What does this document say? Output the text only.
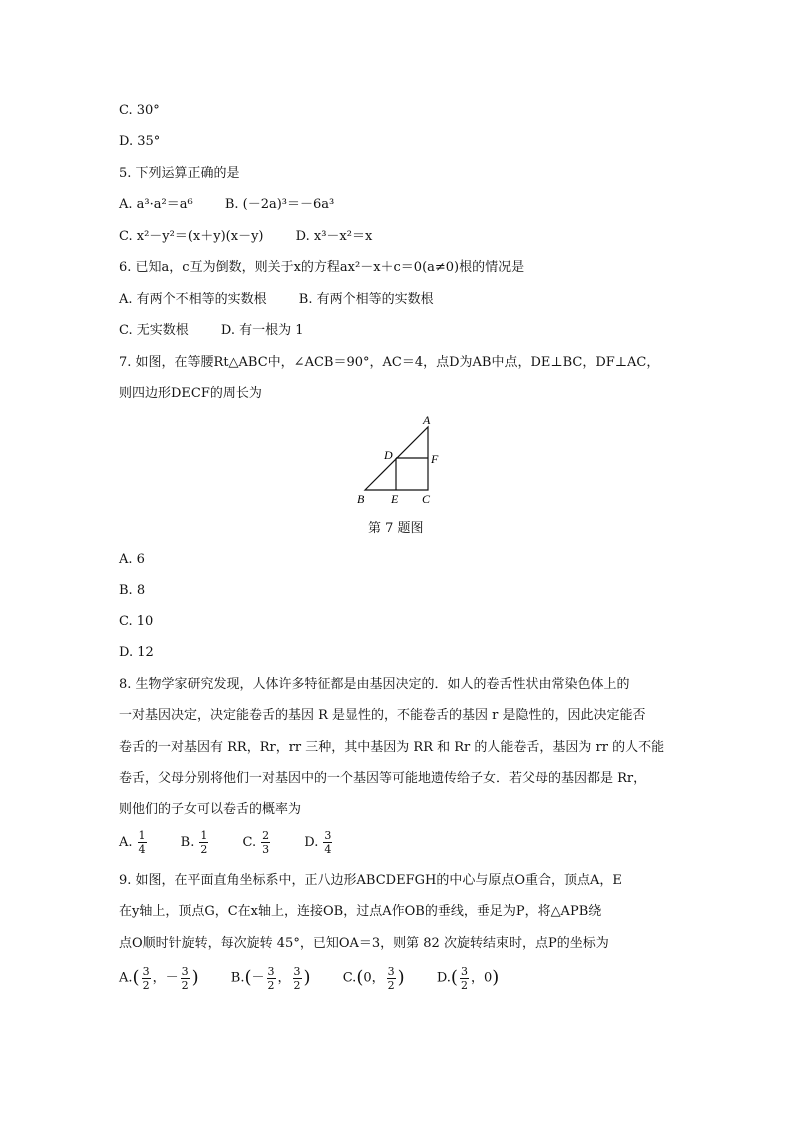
C. 30°
D. 35°
5. 下列运算正确的是
A. a³·a²＝a⁶ B. (－2a)³＝－6a³
C. x²－y²＝(x＋y)(x－y) D. x³－x²＝x
6. 已知a，c互为倒数，则关于x的方程ax²－x＋c＝0(a≠0)根的情况是
A. 有两个不相等的实数根 B. 有两个相等的实数根
C. 无实数根 D. 有一根为 1
7. 如图，在等腰Rt△ABC中，∠ACB＝90°，AC＝4，点D为AB中点，DE⊥BC，DF⊥AC，
则四边形DECF的周长为
A
B	C
D
E
F
第 7 题图
A. 6
B. 8
C. 10
D. 12
8. 生物学家研究发现，人体许多特征都是由基因决定的．如人的卷舌性状由常染色体上的
一对基因决定，决定能卷舌的基因 R 是显性的，不能卷舌的基因 r 是隐性的，因此决定能否
卷舌的一对基因有 RR，Rr，rr 三种，其中基因为 RR 和 Rr 的人能卷舌，基因为 rr 的人不能
卷舌，父母分别将他们一对基因中的一个基因等可能地遗传给子女．若父母的基因都是 Rr，
则他们的子女可以卷舌的概率为
A. $\frac{1}{4}$	B. $\frac{1}{2}$	C. $\frac{2}{3}$	D. $\frac{3}{4}$
9. 如图，在平面直角坐标系中，正八边形ABCDEFGH的中心与原点O重合，顶点A，E
在y轴上，顶点G，C在x轴上，连接OB，过点A作OB的垂线，垂足为P，将△APB绕
点O顺时针旋转，每次旋转 45°，已知OA＝3，则第 82 次旋转结束时，点P的坐标为
$A.( \frac{3}{2}$ ，－ $\frac{3}{2}$ ) $B.(- \frac{3}{2}$ ， $\frac{3}{2}$ ) C.(0， $\frac{3}{2}$ ) $D.( \frac{3}{2}$ ，0)
